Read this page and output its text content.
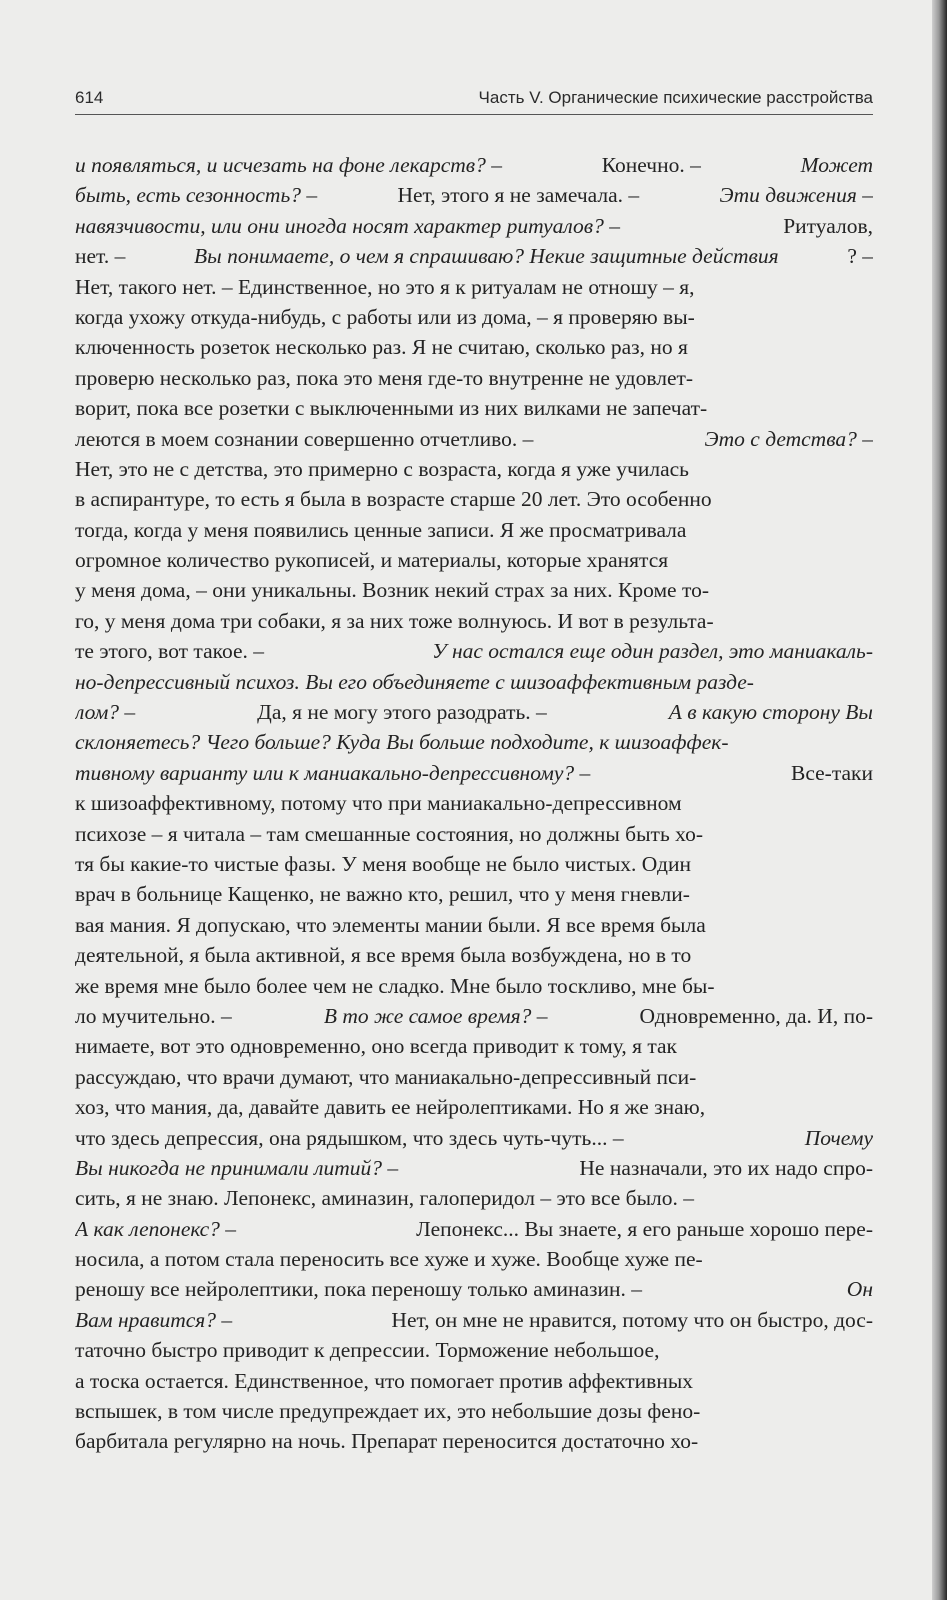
614	Часть V. Органические психические расстройства
и появляться, и исчезать на фоне лекарств? –	Конечно. –	Может
быть, есть сезонность? –	Нет, этого я не замечала. –	Эти движения –
навязчивости, или они иногда носят характер ритуалов? –	Ритуалов,
нет. –	Вы понимаете, о чем я спрашиваю? Некие защитные действия	? –
Нет, такого нет. – Единственное, но это я к ритуалам не отношу – я,
когда ухожу откуда-нибудь, с работы или из дома, – я проверяю вы-
ключенность розеток несколько раз. Я не считаю, сколько раз, но я
проверю несколько раз, пока это меня где-то внутренне не удовлет-
ворит, пока все розетки с выключенными из них вилками не запечат-
леются в моем сознании совершенно отчетливо. –	Это с детства? –
Нет, это не с детства, это примерно с возраста, когда я уже училась
в аспирантуре, то есть я была в возрасте старше 20 лет. Это особенно
тогда, когда у меня появились ценные записи. Я же просматривала
огромное количество рукописей, и материалы, которые хранятся
у меня дома, – они уникальны. Возник некий страх за них. Кроме то-
го, у меня дома три собаки, я за них тоже волнуюсь. И вот в результа-
те этого, вот такое. –	У нас остался еще один раздел, это маниакаль-
но-депрессивный психоз. Вы его объединяете с шизоаффективным разде-
лом? –	Да, я не могу этого разодрать. –	А в какую сторону Вы
склоняетесь? Чего больше? Куда Вы больше подходите, к шизоаффек-
тивному варианту или к маниакально-депрессивному? –	Все-таки
к шизоаффективному, потому что при маниакально-депрессивном
психозе – я читала – там смешанные состояния, но должны быть хо-
тя бы какие-то чистые фазы. У меня вообще не было чистых. Один
врач в больнице Кащенко, не важно кто, решил, что у меня гневли-
вая мания. Я допускаю, что элементы мании были. Я все время была
деятельной, я была активной, я все время была возбуждена, но в то
же время мне было более чем не сладко. Мне было тоскливо, мне бы-
ло мучительно. –	В то же самое время? –	Одновременно, да. И, по-
нимаете, вот это одновременно, оно всегда приводит к тому, я так
рассуждаю, что врачи думают, что маниакально-депрессивный пси-
хоз, что мания, да, давайте давить ее нейролептиками. Но я же знаю,
что здесь депрессия, она рядышком, что здесь чуть-чуть... –	Почему
Вы никогда не принимали литий? –	Не назначали, это их надо спро-
сить, я не знаю. Лепонекс, аминазин, галоперидол – это все было. –
А как лепонекс? –	Лепонекс... Вы знаете, я его раньше хорошо пере-
носила, а потом стала переносить все хуже и хуже. Вообще хуже пе-
реношу все нейролептики, пока переношу только аминазин. –	Он
Вам нравится? –	Нет, он мне не нравится, потому что он быстро, дос-
таточно быстро приводит к депрессии. Торможение небольшое,
а тоска остается. Единственное, что помогает против аффективных
вспышек, в том числе предупреждает их, это небольшие дозы фено-
барбитала регулярно на ночь. Препарат переносится достаточно хо-
